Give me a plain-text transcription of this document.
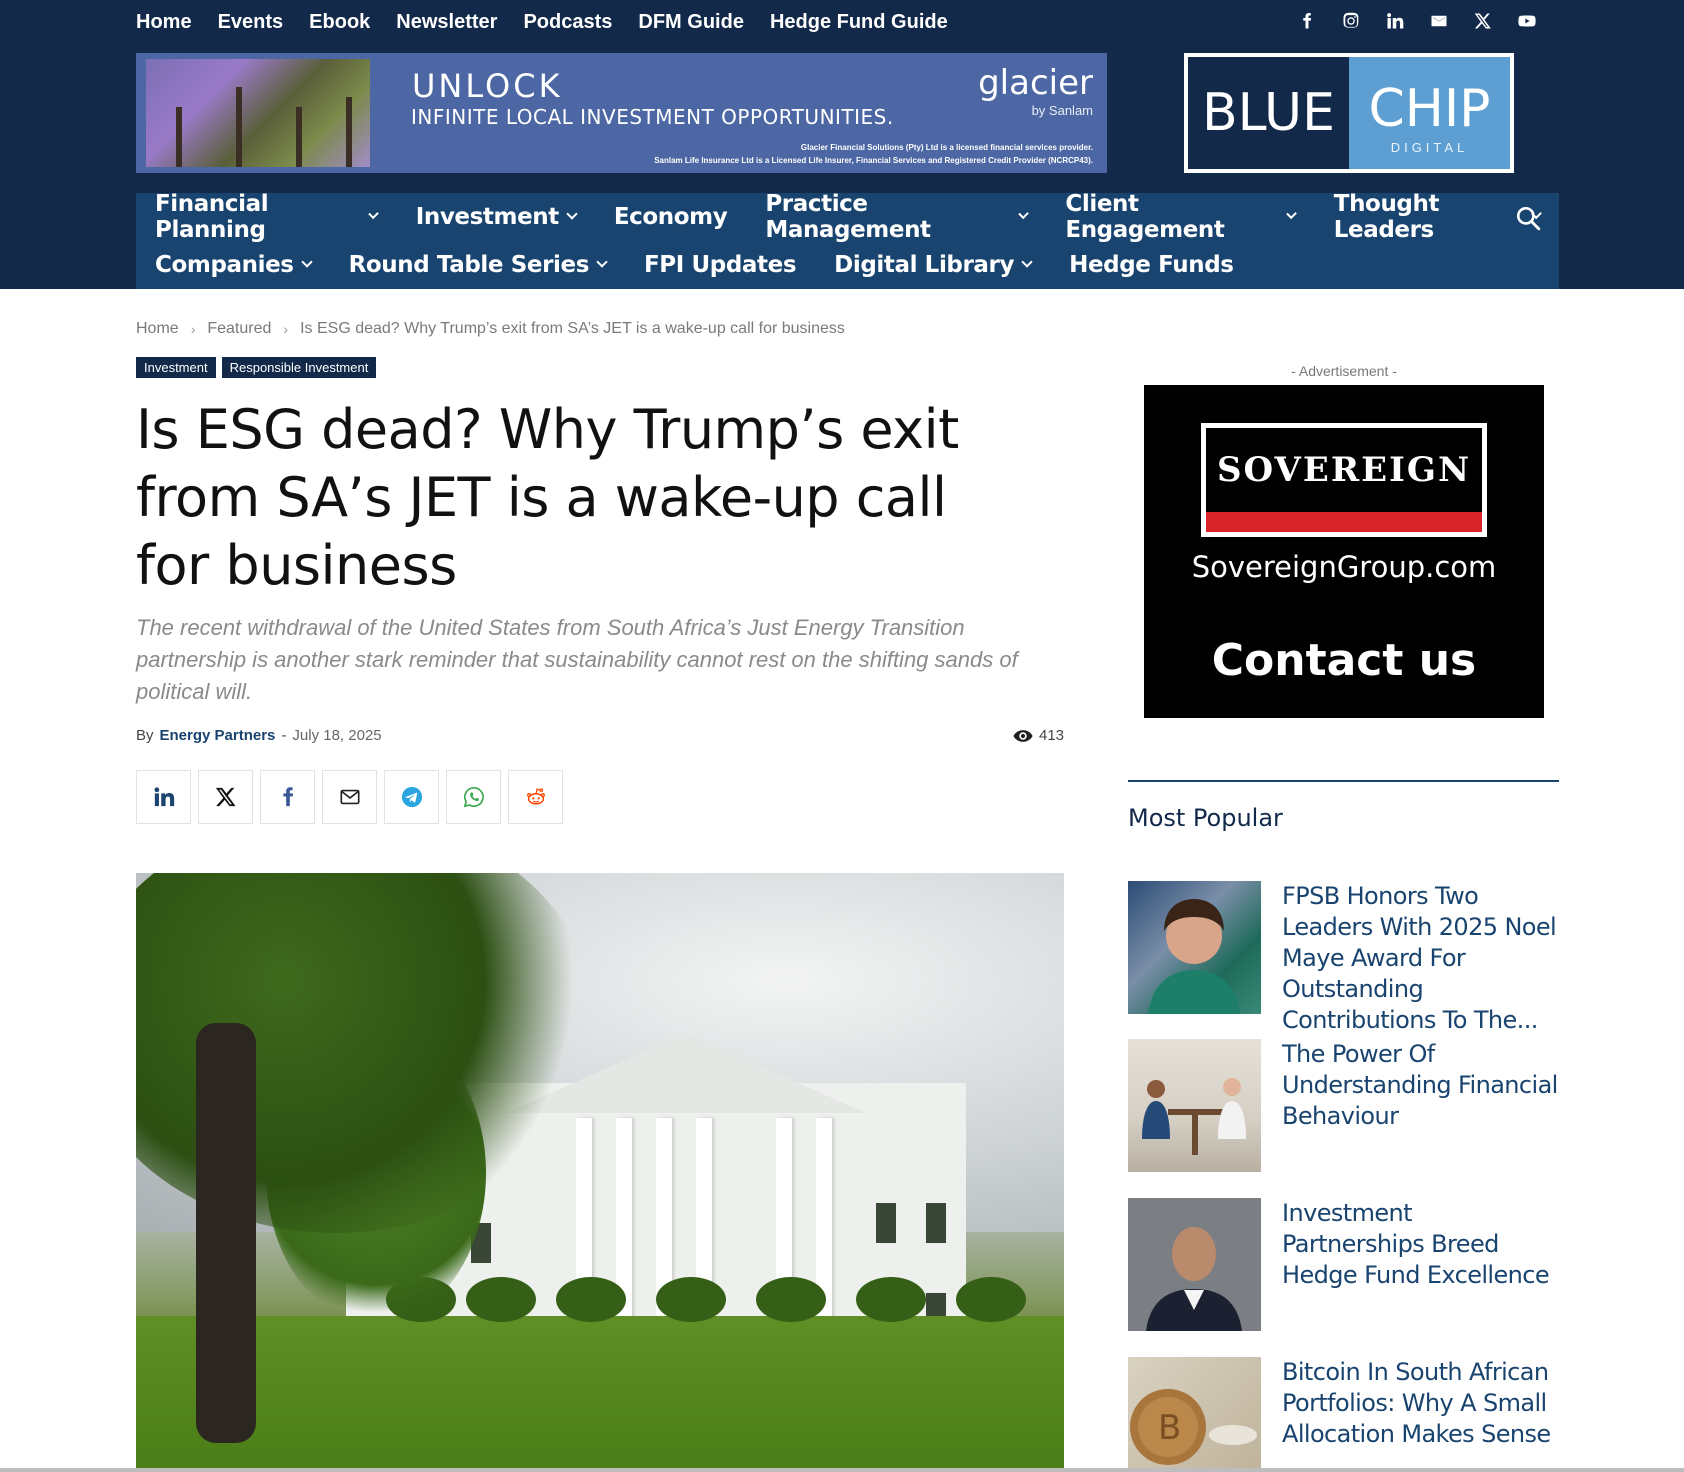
Home Events Ebook Newsletter Podcasts DFM Guide Hedge Fund Guide
UNLOCK
INFINITE LOCAL INVESTMENT OPPORTUNITIES.
glacier
by Sanlam
Glacier Financial Solutions (Pty) Ltd is a licensed financial services provider.
Sanlam Life Insurance Ltd is a Licensed Life Insurer, Financial Services and Registered Credit Provider (NCRCP43).
BLUE CHIP
DIGITAL
Financial Planning	Investment Economy Practice Management
Client Engagement
Thought Leaders
Companies Round Table Series FPI Updates Digital Library Hedge Funds
Home › Featured › Is ESG dead? Why Trump’s exit from SA’s JET is a wake-up call for business
Investment	Responsible Investment
Is ESG dead? Why Trump’s exit from SA’s JET is a wake-up call for business

The recent withdrawal of the United States from South Africa’s Just Energy Transition partnership is another stark reminder that sustainability cannot rest on the shifting sands of political will.

By Energy Partners - July 18, 2025	413
- Advertisement -
SOVEREIGN
SovereignGroup.com
Contact us
Most Popular
FPSB Honors Two Leaders With 2025 Noel Maye Award For Outstanding Contributions To The...
The Power Of Understanding Financial Behaviour
Investment Partnerships Breed Hedge Fund Excellence
B
Bitcoin In South African Portfolios: Why A Small Allocation Makes Sense
